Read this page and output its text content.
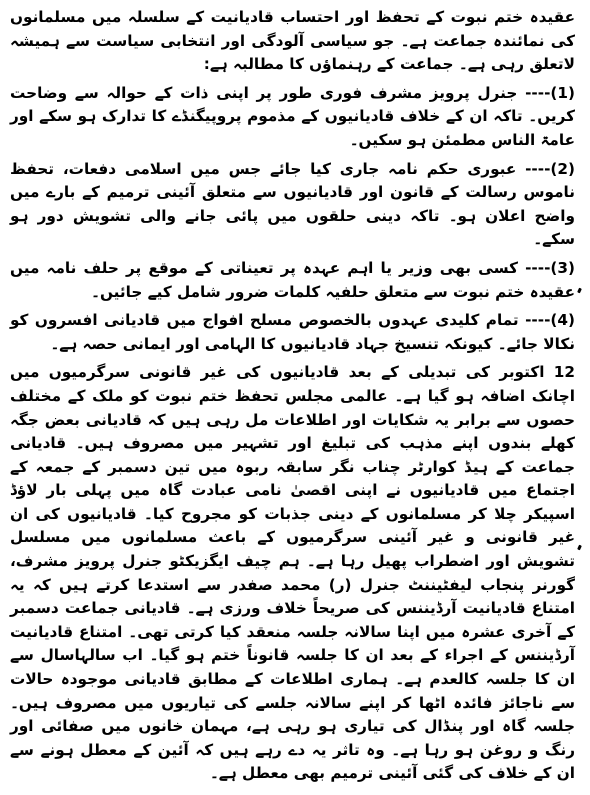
عقیدہ ختم نبوت کے تحفظ اور احتساب قادیانیت کے سلسلہ میں مسلمانوں کی نمائندہ جماعت ہے۔ جو سیاسی آلودگی اور انتخابی سیاست سے ہمیشہ لاتعلق رہی ہے۔ جماعت کے رہنماؤں کا مطالبہ ہے:

(1)---- جنرل پرویز مشرف فوری طور پر اپنی ذات کے حوالہ سے وضاحت کریں۔ تاکہ ان کے خلاف قادیانیوں کے مذموم پروپیگنڈے کا تدارک ہو سکے اور عامۃ الناس مطمئن ہو سکیں۔

(2)---- عبوری حکم نامہ جاری کیا جائے جس میں اسلامی دفعات، تحفظ ناموس رسالت کے قانون اور قادیانیوں سے متعلق آئینی ترمیم کے بارے میں واضح اعلان ہو۔ تاکہ دینی حلقوں میں پائی جانے والی تشویش دور ہو سکے۔

(3)---- کسی بھی وزیر یا اہم عہدہ پر تعیناتی کے موقع پر حلف نامہ میں عقیدہ ختم نبوت سے متعلق حلفیہ کلمات ضرور شامل کیے جائیں۔

(4)---- تمام کلیدی عہدوں بالخصوص مسلح افواج میں قادیانی افسروں کو نکالا جائے۔ کیونکہ تنسیخ جہاد قادیانیوں کا الہامی اور ایمانی حصہ ہے۔

12 اکتوبر کی تبدیلی کے بعد قادیانیوں کی غیر قانونی سرگرمیوں میں اچانک اضافہ ہو گیا ہے۔ عالمی مجلس تحفظ ختم نبوت کو ملک کے مختلف حصوں سے برابر یہ شکایات اور اطلاعات مل رہی ہیں کہ قادیانی بعض جگہ کھلے بندوں اپنے مذہب کی تبلیغ اور تشہیر میں مصروف ہیں۔ قادیانی جماعت کے ہیڈ کوارٹر چناب نگر سابقہ ربوہ میں تین دسمبر کے جمعہ کے اجتماع میں قادیانیوں نے اپنی اقصیٰ نامی عبادت گاہ میں پہلی بار لاؤڈ اسپیکر چلا کر مسلمانوں کے دینی جذبات کو مجروح کیا۔ قادیانیوں کی ان غیر قانونی و غیر آئینی سرگرمیوں کے باعث مسلمانوں میں مسلسل تشویش اور اضطراب پھیل رہا ہے۔ ہم چیف ایگزیکٹو جنرل پرویز مشرف، گورنر پنجاب لیفٹیننٹ جنرل (ر) محمد صفدر سے استدعا کرتے ہیں کہ یہ امتناع قادیانیت آرڈیننس کی صریحاً خلاف ورزی ہے۔ قادیانی جماعت دسمبر کے آخری عشرہ میں اپنا سالانہ جلسہ منعقد کیا کرتی تھی۔ امتناع قادیانیت آرڈیننس کے اجراء کے بعد ان کا جلسہ قانوناً ختم ہو گیا۔ اب سالہاسال سے ان کا جلسہ کالعدم ہے۔ ہماری اطلاعات کے مطابق قادیانی موجودہ حالات سے ناجائز فائدہ اٹھا کر اپنے سالانہ جلسے کی تیاریوں میں مصروف ہیں۔ جلسہ گاہ اور پنڈال کی تیاری ہو رہی ہے، مہمان خانوں میں صفائی اور رنگ و روغن ہو رہا ہے۔ وہ تاثر یہ دے رہے ہیں کہ آئین کے معطل ہونے سے ان کے خلاف کی گئی آئینی ترمیم بھی معطل ہے۔
